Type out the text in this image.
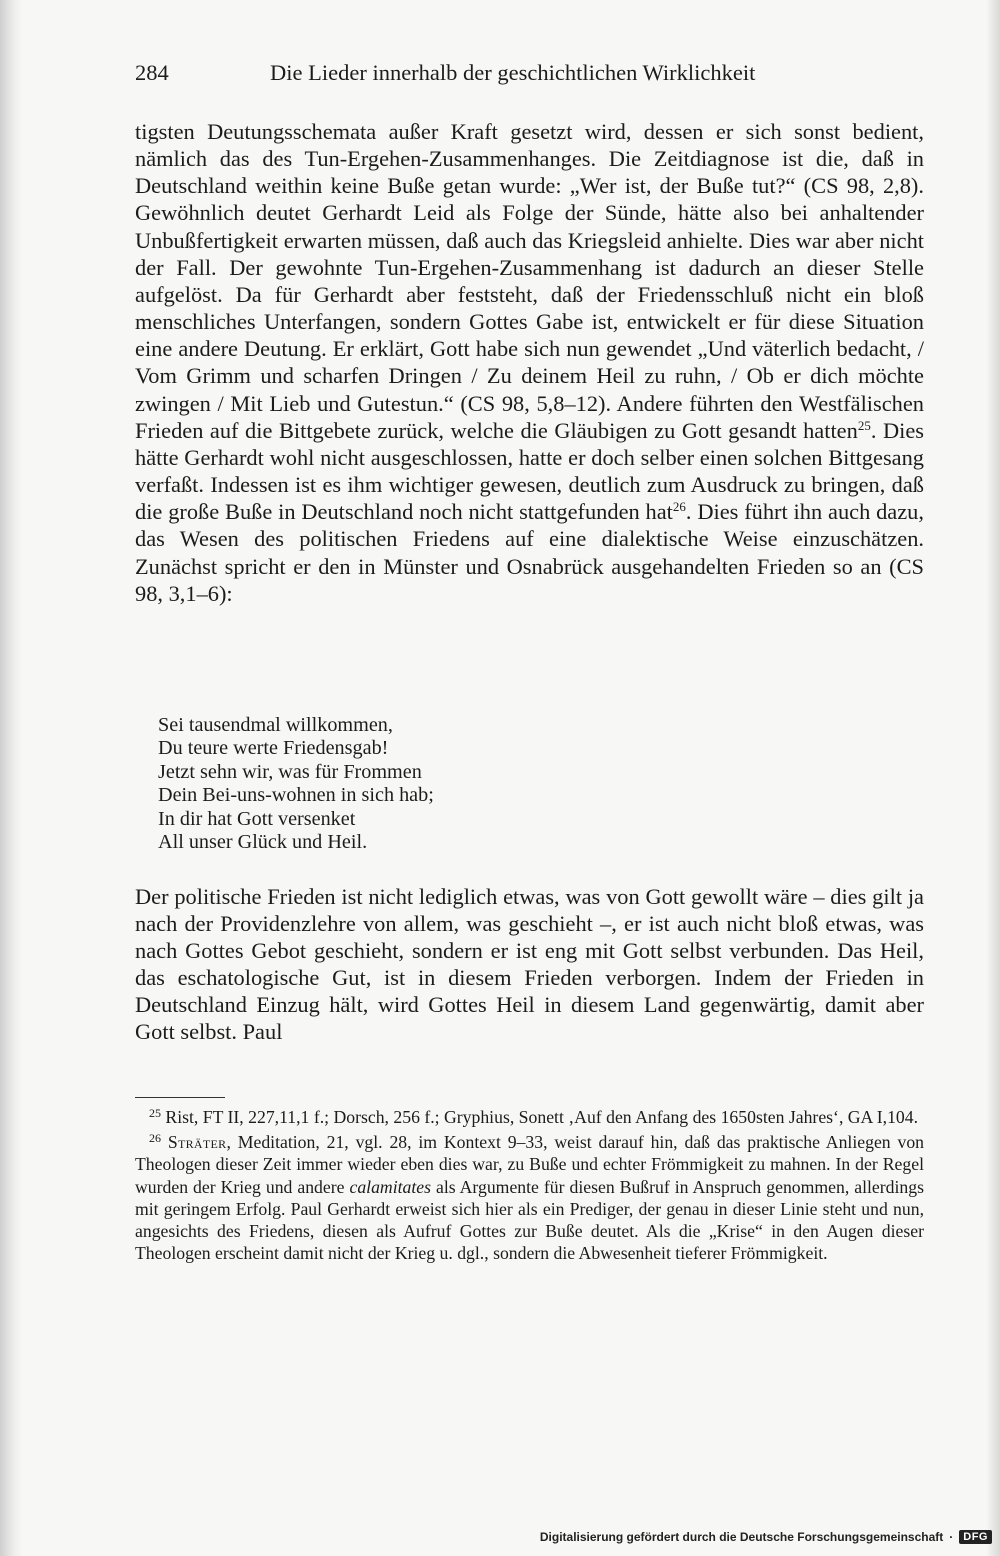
284	Die Lieder innerhalb der geschichtlichen Wirklichkeit

tigsten Deutungsschemata außer Kraft gesetzt wird, dessen er sich sonst bedient, nämlich das des Tun-Ergehen-Zusammenhanges. Die Zeitdiagnose ist die, daß in Deutschland weithin keine Buße getan wurde: „Wer ist, der Buße tut?“ (CS 98, 2,8). Gewöhnlich deutet Gerhardt Leid als Folge der Sünde, hätte also bei anhaltender Unbußfertigkeit erwarten müssen, daß auch das Kriegsleid anhielte. Dies war aber nicht der Fall. Der gewohnte Tun-Ergehen-Zusammenhang ist dadurch an dieser Stelle aufgelöst. Da für Gerhardt aber feststeht, daß der Friedensschluß nicht ein bloß menschliches Unterfangen, sondern Gottes Gabe ist, entwickelt er für diese Situation eine andere Deutung. Er erklärt, Gott habe sich nun gewendet „Und väterlich bedacht, / Vom Grimm und scharfen Dringen / Zu deinem Heil zu ruhn, / Ob er dich möchte zwingen / Mit Lieb und Gutestun.“ (CS 98, 5,8–12). Andere führten den Westfälischen Frieden auf die Bittgebete zurück, welche die Gläubigen zu Gott gesandt hatten$^{25}$. Dies hätte Gerhardt wohl nicht ausgeschlossen, hatte er doch selber einen solchen Bittgesang verfaßt. Indessen ist es ihm wichtiger gewesen, deutlich zum Ausdruck zu bringen, daß die große Buße in Deutschland noch nicht stattgefunden hat$^{26}$. Dies führt ihn auch dazu, das Wesen des politischen Friedens auf eine dialektische Weise einzuschätzen. Zunächst spricht er den in Münster und Osnabrück ausgehandelten Frieden so an (CS 98, 3,1–​6):

Sei tausendmal willkommen,
Du teure werte Friedensgab!
Jetzt sehn wir, was für Frommen
Dein Bei-uns-wohnen in sich hab;
In dir hat Gott versenket
All unser Glück und Heil.
Der politische Frieden ist nicht lediglich etwas, was von Gott gewollt wäre – dies gilt ja nach der Providenzlehre von allem, was geschieht –, er ist auch nicht bloß etwas, was nach Gottes Gebot geschieht, sondern er ist eng mit Gott selbst verbunden. Das Heil, das eschatologische Gut, ist in diesem Frieden verborgen. Indem der Frieden in Deutschland Einzug hält, wird Gottes Heil in diesem Land gegenwärtig, damit aber Gott selbst. Paul

$^{25}$ Rist, FT II, 227,11,1 f.; Dorsch, 256 f.; Gryphius, Sonett ‚Auf den Anfang des 1650sten Jahres‘, GA I,104.

$^{26}$ Sträter, Meditation, 21, vgl. 28, im Kontext 9–33, weist darauf hin, daß das praktische Anliegen von Theologen dieser Zeit immer wieder eben dies war, zu Buße und echter Frömmigkeit zu mahnen. In der Regel wurden der Krieg und andere calamitates als Argumente für diesen Bußruf in Anspruch genommen, allerdings mit geringem Erfolg. Paul Gerhardt erweist sich hier als ein Prediger, der genau in dieser Linie steht und nun, angesichts des Friedens, diesen als Aufruf Gottes zur Buße deutet. Als die „Krise“ in den Augen dieser Theologen erscheint damit nicht der Krieg u. dgl., sondern die Abwesenheit tieferer Frömmigkeit.

Digitalisierung gefördert durch die Deutsche Forschungsgemeinschaft · DFG
